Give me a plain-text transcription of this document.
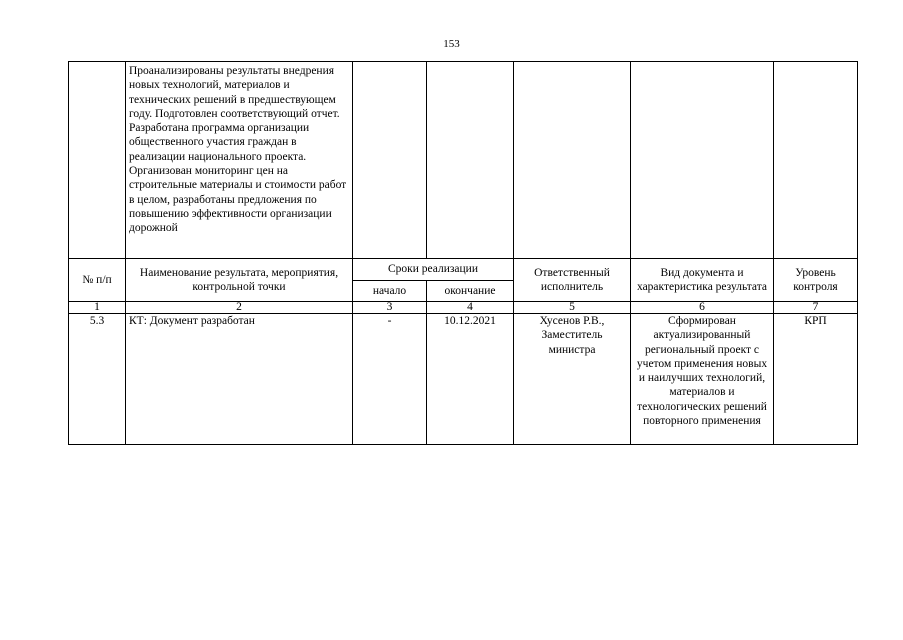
153

	Проанализированы результаты внедрения новых технологий, материалов и технических решений в предшествующем году. Подготовлен соответствующий отчет. Разработана программа организации общественного участия граждан в реализации национального проекта. Организован мониторинг цен на строительные материалы и стоимости работ в целом, разработаны предложения по повышению эффективности организации дорожной					

№ п/п	Наименование результата, мероприятия, контрольной точки	Сроки реализации		Ответственный исполнитель	Вид документа и характеристика результата	Уровень контроля
		начало	окончание			
1	2	3	4	5	6	7
5.3	КТ: Документ разработан	-	10.12.2021	Хусенов Р.В., Заместитель министра	Сформирован актуализированный региональный проект с учетом применения новых и наилучших технологий, материалов и технологических решений повторного применения	КРП
